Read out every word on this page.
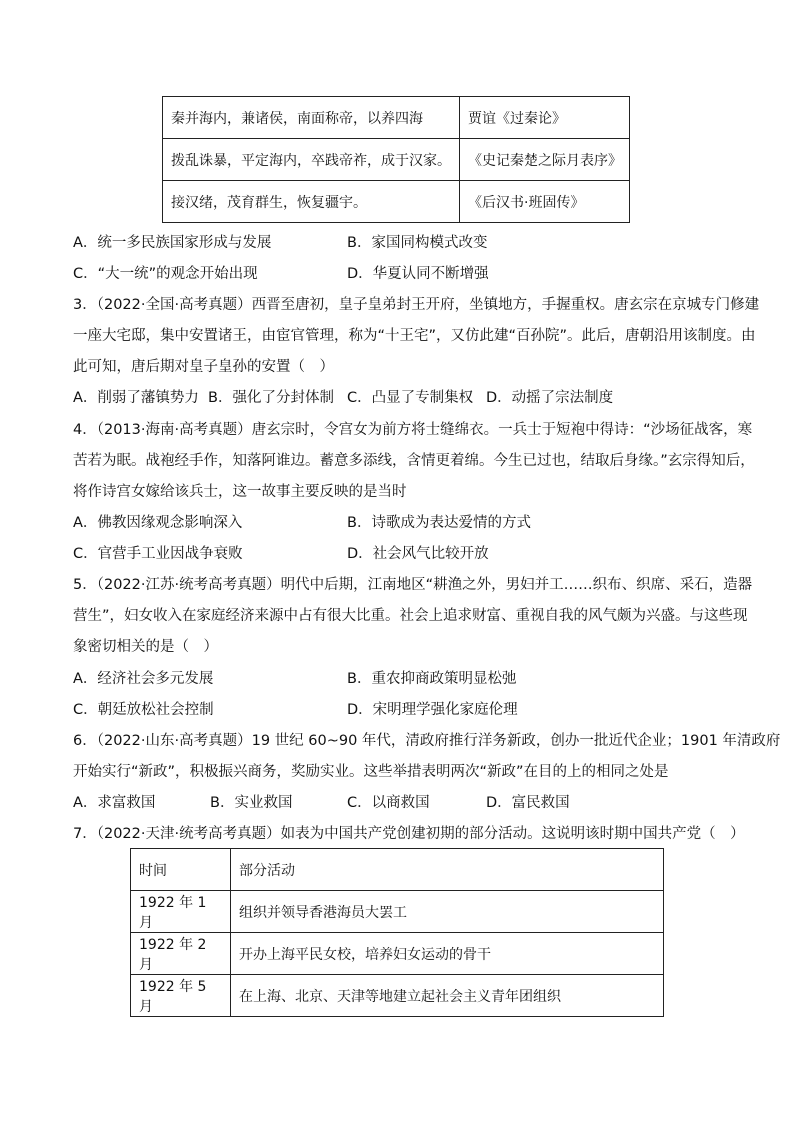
秦并海内，兼诸侯，南面称帝，以养四海	贾谊《过秦论》
拨乱诛暴，平定海内，卒践帝祚，成于汉家。	《史记秦楚之际月表序》
接汉绪，茂育群生，恢复疆宇。	《后汉书·班固传》
A．统一多民族国家形成与发展	B．家国同构模式改变
C．“大一统”的观念开始出现	D．华夏认同不断增强
3．（2022·全国·高考真题）西晋至唐初，皇子皇弟封王开府，坐镇地方，手握重权。唐玄宗在京城专门修建
一座大宅邸，集中安置诸王，由宦官管理，称为“十王宅”，又仿此建“百孙院”。此后，唐朝沿用该制度。由
此可知，唐后期对皇子皇孙的安置（　）
A．削弱了藩镇势力 B．强化了分封体制 C．凸显了专制集权 D．动摇了宗法制度
4．（2013·海南·高考真题）唐玄宗时，令宫女为前方将士缝绵衣。一兵士于短袍中得诗：“沙场征战客，寒
苦若为眠。战袍经手作，知落阿谁边。蓄意多添线，含情更着绵。今生已过也，结取后身缘。”玄宗得知后，
将作诗宫女嫁给该兵士，这一故事主要反映的是当时
A．佛教因缘观念影响深入	B．诗歌成为表达爱情的方式
C．官营手工业因战争衰败	D．社会风气比较开放
5．（2022·江苏·统考高考真题）明代中后期，江南地区“耕渔之外，男妇并工……织布、织席、采石，造器
营生”，妇女收入在家庭经济来源中占有很大比重。社会上追求财富、重视自我的风气颇为兴盛。与这些现
象密切相关的是（　）
A．经济社会多元发展	B．重农抑商政策明显松弛
C．朝廷放松社会控制	D．宋明理学强化家庭伦理
6．（2022·山东·高考真题）19 世纪 60~90 年代，清政府推行洋务新政，创办一批近代企业；1901 年清政府
开始实行“新政”，积极振兴商务，奖励实业。这些举措表明两次“新政”在目的上的相同之处是
A．求富救国	B．实业救国	C．以商救国	D．富民救国
7．（2022·天津·统考高考真题）如表为中国共产党创建初期的部分活动。这说明该时期中国共产党（　）
时间	部分活动
1922 年 1 月	组织并领导香港海员大罢工
1922 年 2 月	开办上海平民女校，培养妇女运动的骨干
1922 年 5 月	在上海、北京、天津等地建立起社会主义青年团组织
